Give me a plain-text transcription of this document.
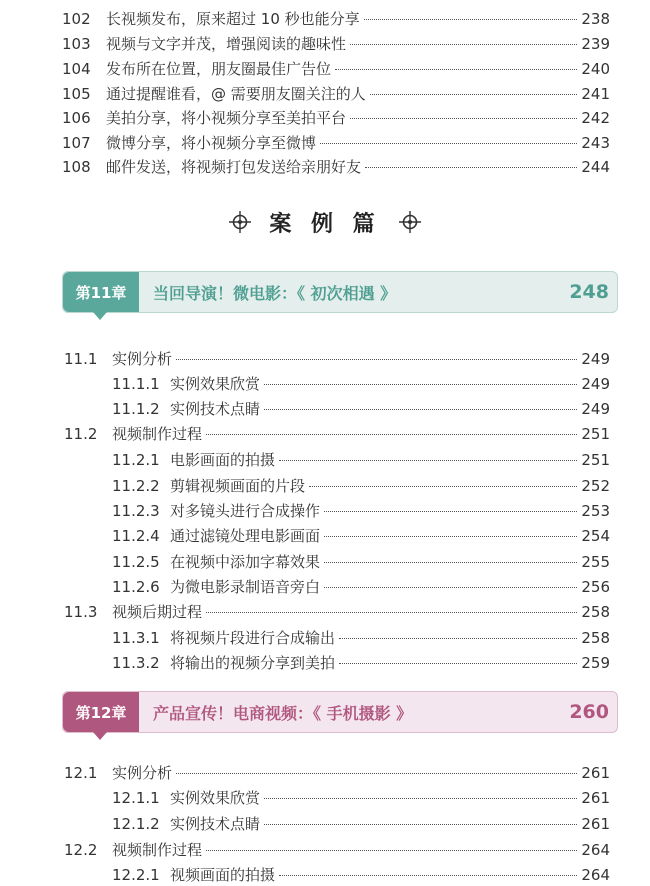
102	长视频发布，原来超过 10 秒也能分享	238
103	视频与文字并茂，增强阅读的趣味性	239
104	发布所在位置，朋友圈最佳广告位	240
105	通过提醒谁看，@ 需要朋友圈关注的人	241
106	美拍分享，将小视频分享至美拍平台	242
107	微博分享，将小视频分享至微博	243
108	邮件发送，将视频打包发送给亲朋好友	244
案 例 篇
第11章	当回导演！微电影：《 初次相遇 》	248
11.1 实例分析	249
11.1.1 实例效果欣赏	249
11.1.2 实例技术点睛	249
11.2 视频制作过程	251
11.2.1 电影画面的拍摄	251
11.2.2 剪辑视频画面的片段	252
11.2.3 对多镜头进行合成操作	253
11.2.4 通过滤镜处理电影画面	254
11.2.5 在视频中添加字幕效果	255
11.2.6 为微电影录制语音旁白	256
11.3 视频后期过程	258
11.3.1 将视频片段进行合成输出	258
11.3.2 将输出的视频分享到美拍	259
第12章	产品宣传！电商视频：《 手机摄影 》	260
12.1 实例分析	261
12.1.1 实例效果欣赏	261
12.1.2 实例技术点睛	261
12.2 视频制作过程	264
12.2.1 视频画面的拍摄	264
